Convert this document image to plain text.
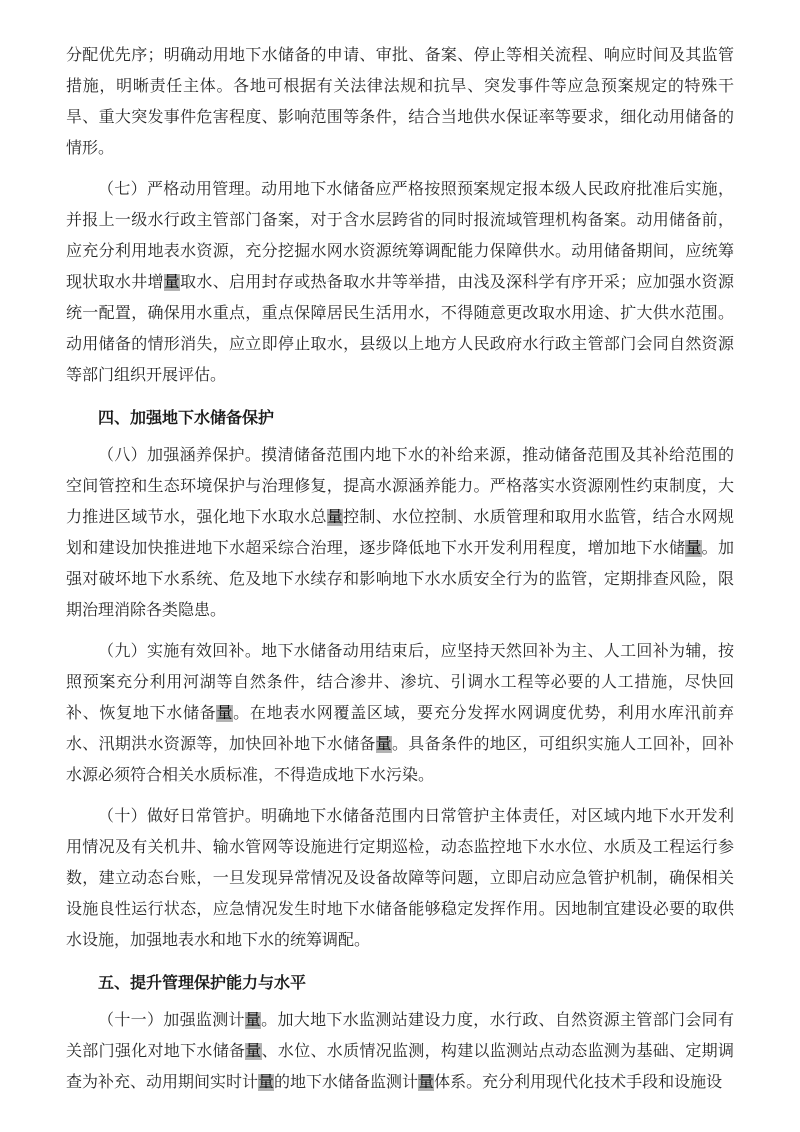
分配优先序；明确动用地下水储备的申请、审批、备案、停止等相关流程、响应时间及其监管措施，明晰责任主体。各地可根据有关法律法规和抗旱、突发事件等应急预案规定的特殊干旱、重大突发事件危害程度、影响范围等条件，结合当地供水保证率等要求，细化动用储备的情形。

（七）严格动用管理。动用地下水储备应严格按照预案规定报本级人民政府批准后实施，并报上一级水行政主管部门备案，对于含水层跨省的同时报流域管理机构备案。动用储备前，应充分利用地表水资源，充分挖掘水网水资源统筹调配能力保障供水。动用储备期间，应统筹现状取水井增量取水、启用封存或热备取水井等举措，由浅及深科学有序开采；应加强水资源统一配置，确保用水重点，重点保障居民生活用水，不得随意更改取水用途、扩大供水范围。动用储备的情形消失，应立即停止取水，县级以上地方人民政府水行政主管部门会同自然资源等部门组织开展评估。

四、加强地下水储备保护

（八）加强涵养保护。摸清储备范围内地下水的补给来源，推动储备范围及其补给范围的空间管控和生态环境保护与治理修复，提高水源涵养能力。严格落实水资源刚性约束制度，大力推进区域节水，强化地下水取水总量控制、水位控制、水质管理和取用水监管，结合水网规划和建设加快推进地下水超采综合治理，逐步降低地下水开发利用程度，增加地下水储量。加强对破坏地下水系统、危及地下水续存和影响地下水水质安全行为的监管，定期排查风险，限期治理消除各类隐患。

（九）实施有效回补。地下水储备动用结束后，应坚持天然回补为主、人工回补为辅，按照预案充分利用河湖等自然条件，结合渗井、渗坑、引调水工程等必要的人工措施，尽快回补、恢复地下水储备量。在地表水网覆盖区域，要充分发挥水网调度优势，利用水库汛前弃水、汛期洪水资源等，加快回补地下水储备量。具备条件的地区，可组织实施人工回补，回补水源必须符合相关水质标准，不得造成地下水污染。

（十）做好日常管护。明确地下水储备范围内日常管护主体责任，对区域内地下水开发利用情况及有关机井、输水管网等设施进行定期巡检，动态监控地下水水位、水质及工程运行参数，建立动态台账，一旦发现异常情况及设备故障等问题，立即启动应急管护机制，确保相关设施良性运行状态，应急情况发生时地下水储备能够稳定发挥作用。因地制宜建设必要的取供水设施，加强地表水和地下水的统筹调配。

五、提升管理保护能力与水平

（十一）加强监测计量。加大地下水监测站建设力度，水行政、自然资源主管部门会同有关部门强化对地下水储备量、水位、水质情况监测，构建以监测站点动态监测为基础、定期调查为补充、动用期间实时计量的地下水储备监测计量体系。充分利用现代化技术手段和设施设
